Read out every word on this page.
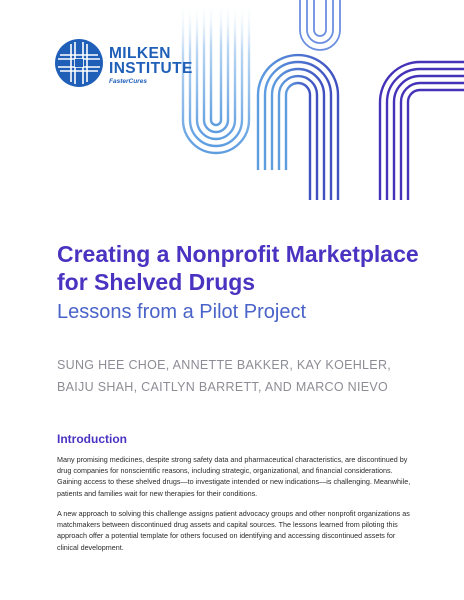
MILKEN

INSTITUTE

FasterCures
Creating a Nonprofit Marketplace for Shelved Drugs
Lessons from a Pilot Project

SUNG HEE CHOE, ANNETTE BAKKER, KAY KOEHLER, BAIJU SHAH, CAITLYN BARRETT, AND MARCO NIEVO

Introduction

Many promising medicines, despite strong safety data and pharmaceutical characteristics, are discontinued by drug companies for nonscientific reasons, including strategic, organizational, and financial considerations. Gaining access to these shelved drugs—to investigate intended or new indications—is challenging. Meanwhile, patients and families wait for new therapies for their conditions.

A new approach to solving this challenge assigns patient advocacy groups and other nonprofit organizations as matchmakers between discontinued drug assets and capital sources. The lessons learned from piloting this approach offer a potential template for others focused on identifying and accessing discontinued assets for clinical development.
